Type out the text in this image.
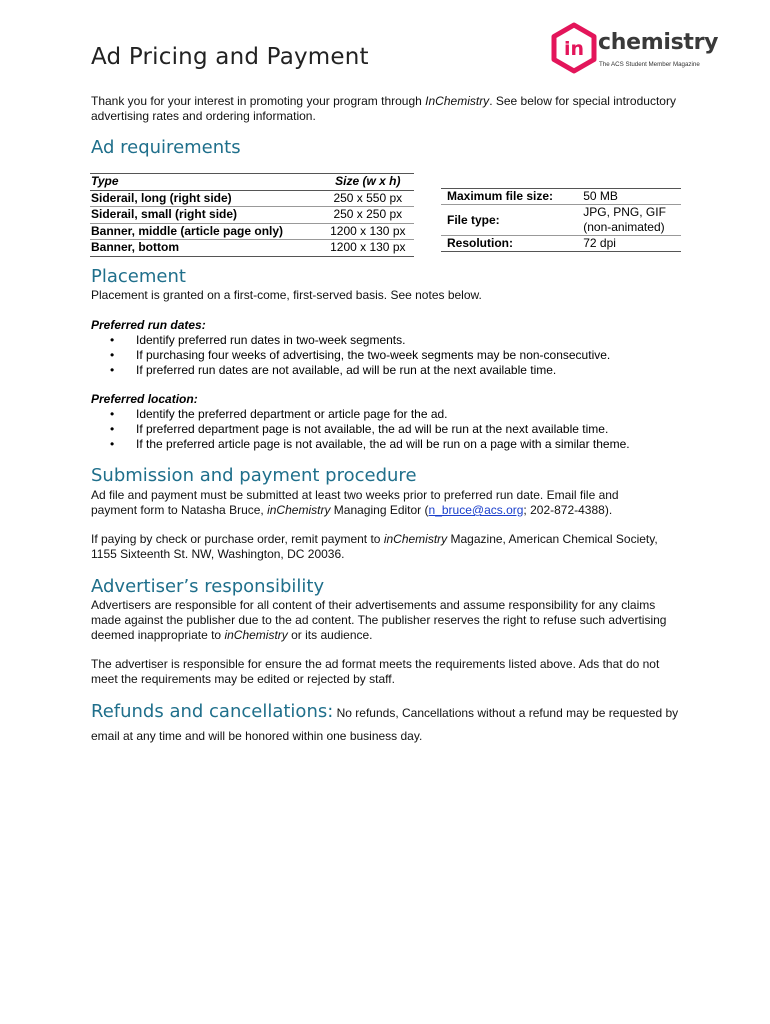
Ad Pricing and Payment	in chemistry
The ACS Student Member Magazine

Thank you for your interest in promoting your program through InChemistry. See below for special introductory advertising rates and ordering information.

Ad requirements
Type	Size (w x h)
Siderail, long (right side)	250 x 550 px
Siderail, small (right side)	250 x 250 px
Banner, middle (article page only)	1200 x 130 px
Banner, bottom	1200 x 130 px
Maximum file size:	50 MB
File type:	JPG, PNG, GIF (non-animated)
Resolution:	72 dpi
Placement

Placement is granted on a first-come, first-served basis. See notes below.

Preferred run dates:

• Identify preferred run dates in two-week segments.
• If purchasing four weeks of advertising, the two-week segments may be non-consecutive.
• If preferred run dates are not available, ad will be run at the next available time.

Preferred location:

• Identify the preferred department or article page for the ad.
• If preferred department page is not available, the ad will be run at the next available time.
• If the preferred article page is not available, the ad will be run on a page with a similar theme.
Submission and payment procedure

Ad file and payment must be submitted at least two weeks prior to preferred run date. Email file and payment form to Natasha Bruce, inChemistry Managing Editor (n_bruce@acs.org; 202-872-4388).

If paying by check or purchase order, remit payment to inChemistry Magazine, American Chemical Society, 1155 Sixteenth St. NW, Washington, DC 20036.

Advertiser’s responsibility

Advertisers are responsible for all content of their advertisements and assume responsibility for any claims made against the publisher due to the ad content. The publisher reserves the right to refuse such advertising deemed inappropriate to inChemistry or its audience.

The advertiser is responsible for ensure the ad format meets the requirements listed above. Ads that do not meet the requirements may be edited or rejected by staff.

Refunds and cancellations: No refunds, Cancellations without a refund may be requested by email at any time and will be honored within one business day.
